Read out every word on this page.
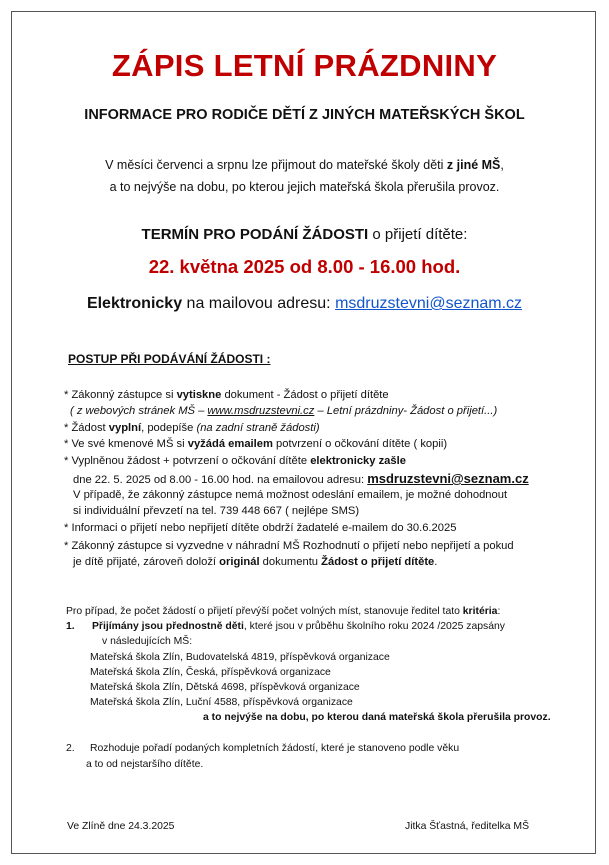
ZÁPIS LETNÍ PRÁZDNINY
INFORMACE PRO RODIČE DĚTÍ Z JINÝCH MATEŘSKÝCH ŠKOL
V měsíci červenci a srpnu lze přijmout do mateřské školy děti z jiné MŠ,
a to nejvýše na dobu, po kterou jejich mateřská škola přerušila provoz.
TERMÍN PRO PODÁNÍ ŽÁDOSTI o přijetí dítěte:
22. května 2025 od 8.00 - 16.00 hod.
Elektronicky na mailovou adresu: msdruzstevni@seznam.cz
POSTUP PŘI PODÁVÁNÍ ŽÁDOSTI :
* Zákonný zástupce si vytiskne dokument - Žádost o přijetí dítěte
( z webových stránek MŠ – www.msdruzstevni.cz – Letní prázdniny- Žádost o přijetí...)
* Žádost vyplní, podepíše (na zadní straně žádosti)
* Ve své kmenové MŠ si vyžádá emailem potvrzení o očkování dítěte ( kopii)
* Vyplněnou žádost + potvrzení o očkování dítěte elektronicky zašle
dne 22. 5. 2025 od 8.00 - 16.00 hod. na emailovou adresu: msdruzstevni@seznam.cz
V případě, že zákonný zástupce nemá možnost odeslání emailem, je možné dohodnout
si individuální převzetí na tel. 739 448 667 ( nejlépe SMS)
* Informaci o přijetí nebo nepřijetí dítěte obdrží žadatelé e-mailem do 30.6.2025
* Zákonný zástupce si vyzvedne v náhradní MŠ Rozhodnutí o přijetí nebo nepřijetí a pokud
je dítě přijaté, zároveň doloží originál dokumentu Žádost o přijetí dítěte.
Pro případ, že počet žádostí o přijetí převýší počet volných míst, stanovuje ředitel tato kritéria:
1. Přijímány jsou přednostně děti, které jsou v průběhu školního roku 2024 /2025 zapsány
v následujících MŠ:
Mateřská škola Zlín, Budovatelská 4819, příspěvková organizace
Mateřská škola Zlín, Česká, příspěvková organizace
Mateřská škola Zlín, Dětská 4698, příspěvková organizace
Mateřská škola Zlín, Luční 4588, příspěvková organizace
a to nejvýše na dobu, po kterou daná mateřská škola přerušila provoz.
2. Rozhoduje pořadí podaných kompletních žádostí, které je stanoveno podle věku
a to od nejstaršího dítěte.
Ve Zlíně dne 24.3.2025	Jitka Šťastná, ředitelka MŠ
